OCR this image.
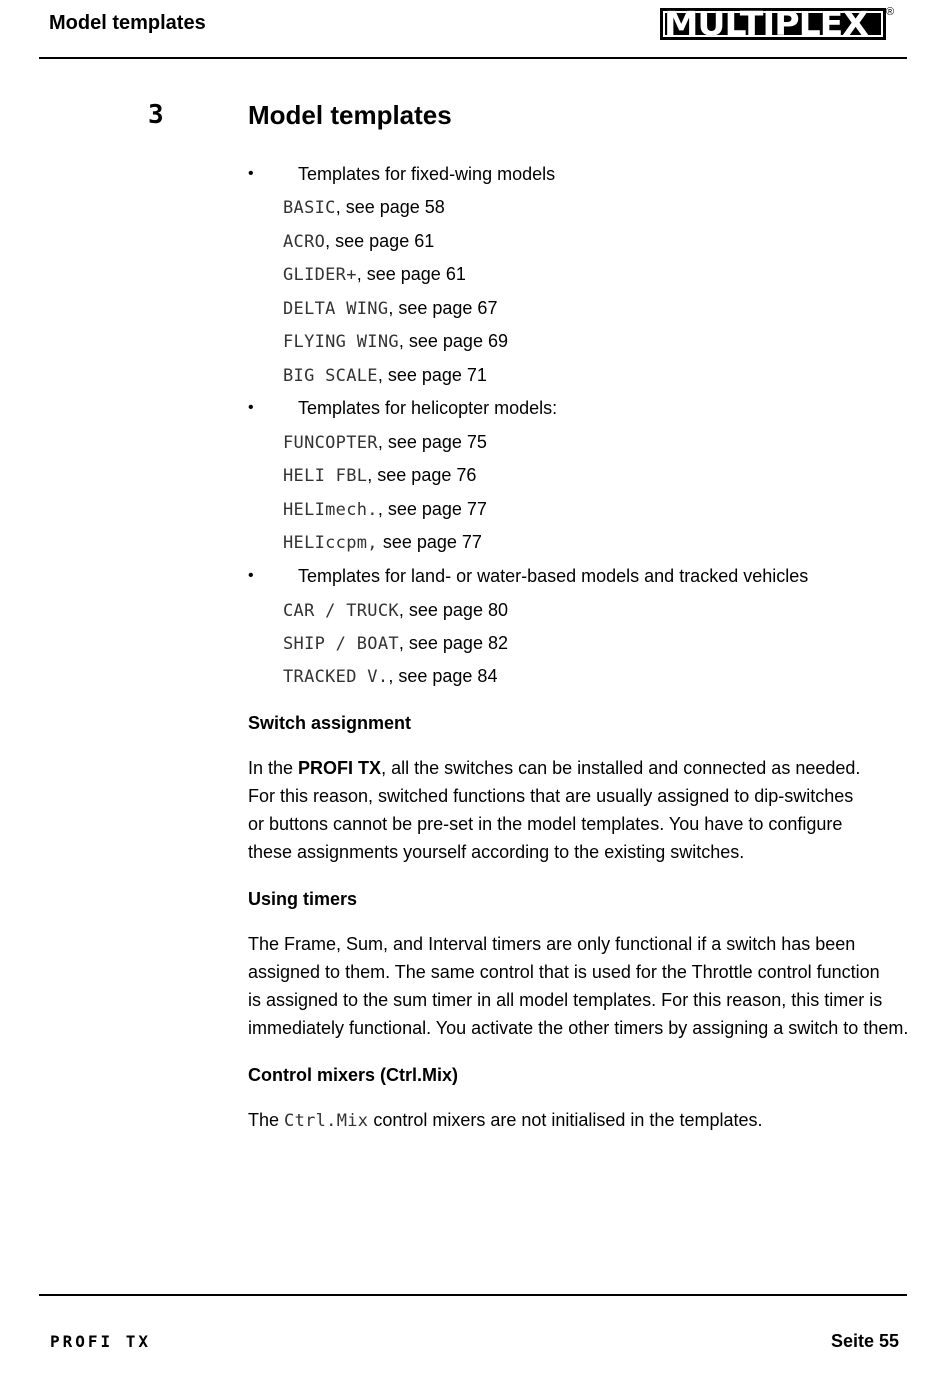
Model templates	MULTIPLEX ®
3	Model templates
• Templates for fixed-wing models
BASIC, see page 58
ACRO, see page 61
GLIDER+, see page 61
DELTA WING, see page 67
FLYING WING, see page 69
BIG SCALE, see page 71
• Templates for helicopter models:
FUNCOPTER, see page 75
HELI FBL, see page 76
HELImech., see page 77
HELIccpm, see page 77
• Templates for land- or water-based models and tracked vehicles
CAR / TRUCK, see page 80
SHIP / BOAT, see page 82
TRACKED V., see page 84
Switch assignment
In the PROFI TX, all the switches can be installed and connected as needed.
For this reason, switched functions that are usually assigned to dip-switches
or buttons cannot be pre-set in the model templates. You have to configure
these assignments yourself according to the existing switches.
Using timers
The Frame, Sum, and Interval timers are only functional if a switch has been
assigned to them. The same control that is used for the Throttle control function
is assigned to the sum timer in all model templates. For this reason, this timer is
immediately functional. You activate the other timers by assigning a switch to them.
Control mixers (Ctrl.Mix)
The Ctrl.Mix control mixers are not initialised in the templates.
PROFI TX	Seite 55
